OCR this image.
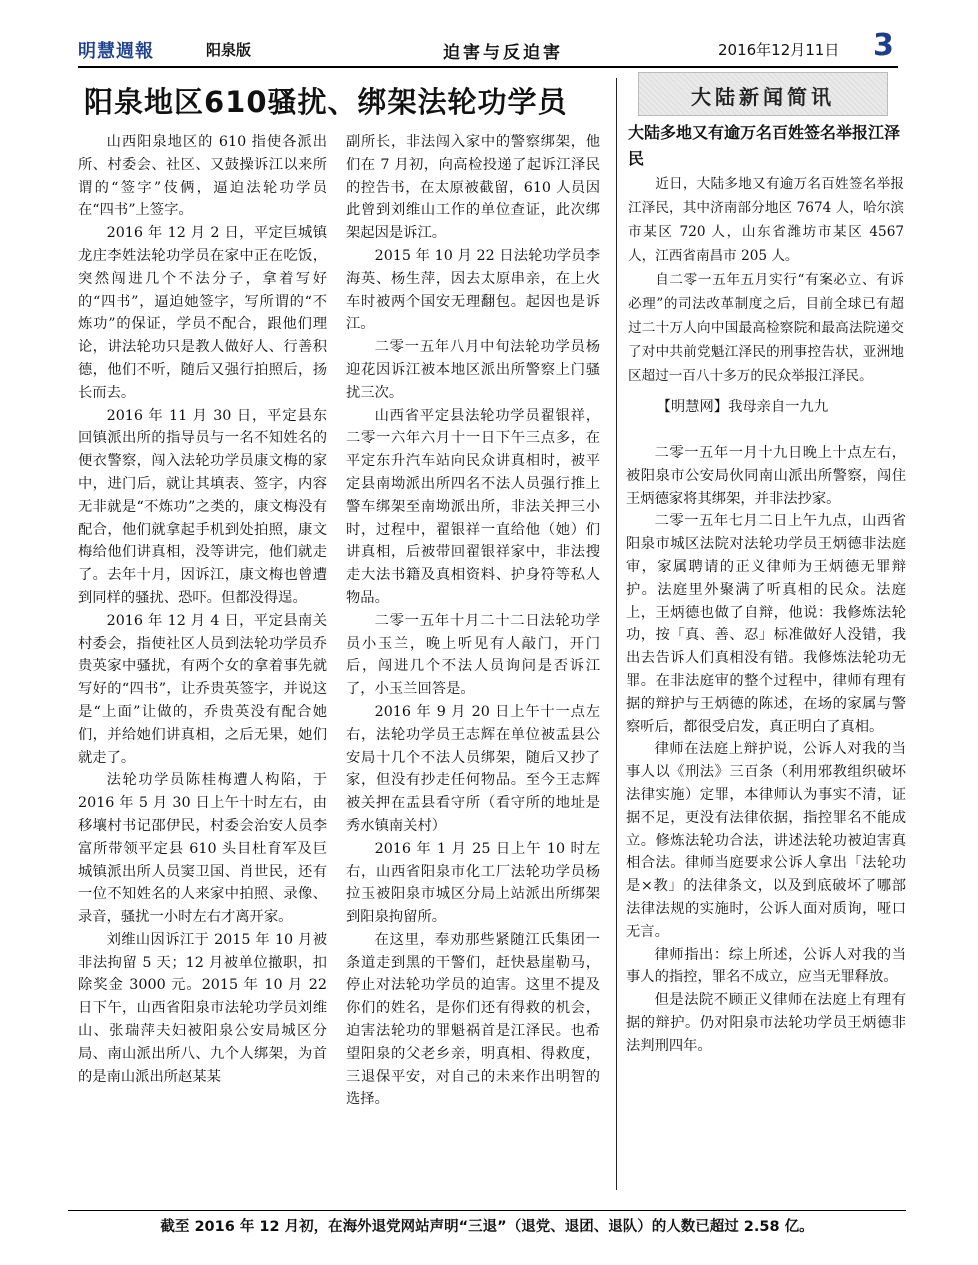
明慧週報	阳泉版	迫害与反迫害	2016年12月11日 3
阳泉地区610骚扰、绑架法轮功学员

山西阳泉地区的 610 指使各派出所、村委会、社区、又鼓操诉江以来所谓的“签字”伎俩，逼迫法轮功学员在“四书”上签字。

2016 年 12 月 2 日，平定巨城镇龙庄李姓法轮功学员在家中正在吃饭，突然闯进几个不法分子，拿着写好的“四书”，逼迫她签字，写所谓的“不炼功”的保证，学员不配合，跟他们理论，讲法轮功只是教人做好人、行善积德，他们不听，随后又强行拍照后，扬长而去。

2016 年 11 月 30 日，平定县东回镇派出所的指导员与一名不知姓名的便衣警察，闯入法轮功学员康文梅的家中，进门后，就让其填表、签字，内容无非就是“不炼功”之类的，康文梅没有配合，他们就拿起手机到处拍照，康文梅给他们讲真相，没等讲完，他们就走了。去年十月，因诉江，康文梅也曾遭到同样的骚扰、恐吓。但都没得逞。

2016 年 12 月 4 日，平定县南关村委会，指使社区人员到法轮功学员乔贵英家中骚扰，有两个女的拿着事先就写好的“四书”，让乔贵英签字，并说这是“上面”让做的，乔贵英没有配合她们，并给她们讲真相，之后无果，她们就走了。

法轮功学员陈桂梅遭人构陷，于 2016 年 5 月 30 日上午十时左右，由移壤村书记邵伊民，村委会治安人员李富所带领平定县 610 头目杜育军及巨城镇派出所人员窦卫国、肖世民，还有一位不知姓名的人来家中拍照、录像、录音，骚扰一小时左右才离开家。

刘维山因诉江于 2015 年 10 月被非法拘留 5 天；12 月被单位撤职，扣除奖金 3000 元。2015 年 10 月 22 日下午，山西省阳泉市法轮功学员刘维山、张瑞萍夫妇被阳泉公安局城区分局、南山派出所八、九个人绑架，为首的是南山派出所赵某某

副所长，非法闯入家中的警察绑架，他们在 7 月初，向高检投递了起诉江泽民的控告书，在太原被截留，610 人员因此曾到刘维山工作的单位查证，此次绑架起因是诉江。

2015 年 10 月 22 日法轮功学员李海英、杨生萍，因去太原串亲，在上火车时被两个国安无理翻包。起因也是诉江。

二零一五年八月中旬法轮功学员杨迎花因诉江被本地区派出所警察上门骚扰三次。

山西省平定县法轮功学员翟银祥，二零一六年六月十一日下午三点多，在平定东升汽车站向民众讲真相时，被平定县南坳派出所四名不法人员强行推上警车绑架至南坳派出所，非法关押三小时，过程中，翟银祥一直给他（她）们讲真相，后被带回翟银祥家中，非法搜走大法书籍及真相资料、护身符等私人物品。

二零一五年十月二十二日法轮功学员小玉兰，晚上听见有人敲门，开门后，闯进几个不法人员询问是否诉江了，小玉兰回答是。

2016 年 9 月 20 日上午十一点左右，法轮功学员王志辉在单位被盂县公安局十几个不法人员绑架，随后又抄了家，但没有抄走任何物品。至今王志辉被关押在盂县看守所（看守所的地址是秀水镇南关村）

2016 年 1 月 25 日上午 10 时左右，山西省阳泉市化工厂法轮功学员杨拉玉被阳泉市城区分局上站派出所绑架到阳泉拘留所。

在这里，奉劝那些紧随江氏集团一条道走到黑的干警们，赶快悬崖勒马，停止对法轮功学员的迫害。这里不提及你们的姓名，是你们还有得救的机会，迫害法轮功的罪魁祸首是江泽民。也希望阳泉的父老乡亲，明真相、得救度，三退保平安，对自己的未来作出明智的选择。

大陆新闻简讯
大陆多地又有逾万名百姓签名举报江泽民

近日，大陆多地又有逾万名百姓签名举报江泽民，其中济南部分地区 7674 人，哈尔滨市某区 720 人，山东省潍坊市某区 4567 人，江西省南昌市 205 人。

自二零一五年五月实行“有案必立、有诉必理”的司法改革制度之后，目前全球已有超过二十万人向中国最高检察院和最高法院递交了对中共前党魁江泽民的刑事控告状，亚洲地区超过一百八十多万的民众举报江泽民。

【明慧网】我母亲自一九九

二零一五年一月十九日晚上十点左右，被阳泉市公安局伙同南山派出所警察，闯住王炳德家将其绑架，并非法抄家。

二零一五年七月二日上午九点，山西省阳泉市城区法院对法轮功学员王炳德非法庭审，家属聘请的正义律师为王炳德无罪辩护。法庭里外聚满了听真相的民众。法庭上，王炳德也做了自辩，他说：我修炼法轮功，按「真、善、忍」标准做好人没错，我出去告诉人们真相没有错。我修炼法轮功无罪。在非法庭审的整个过程中，律师有理有据的辩护与王炳德的陈述，在场的家属与警察听后，都很受启发，真正明白了真相。

律师在法庭上辩护说，公诉人对我的当事人以《刑法》三百条（利用邪教组织破坏法律实施）定罪，本律师认为事实不清，证据不足，更没有法律依据，指控罪名不能成立。修炼法轮功合法，讲述法轮功被迫害真相合法。律师当庭要求公诉人拿出「法轮功是×教」的法律条文，以及到底破坏了哪部法律法规的实施时，公诉人面对质询，哑口无言。

律师指出：综上所述，公诉人对我的当事人的指控，罪名不成立，应当无罪释放。

但是法院不顾正义律师在法庭上有理有据的辩护。仍对阳泉市法轮功学员王炳德非法判刑四年。

截至 2016 年 12 月初，在海外退党网站声明“三退”（退党、退团、退队）的人数已超过 2.58 亿。
